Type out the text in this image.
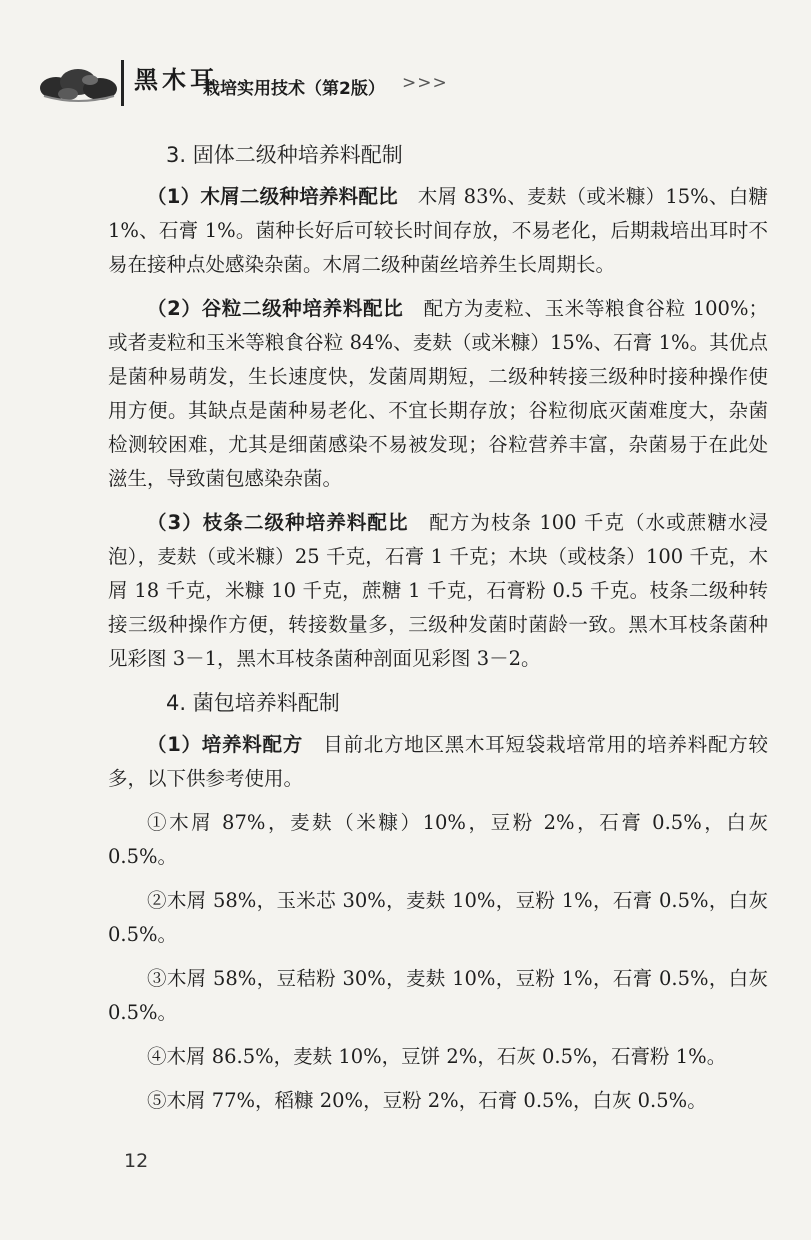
黑木耳
栽培实用技术（第2版） >>>
3. 固体二级种培养料配制

（1）木屑二级种培养料配比　 木屑 83%、麦麸（或米糠）15%、白糖 1%、石膏 1%。菌种长好后可较长时间存放，不易老化，后期栽培出耳时不易在接种点处感染杂菌。木屑二级种菌丝培养生长周期长。

（2）谷粒二级种培养料配比　 配方为麦粒、玉米等粮食谷粒 100%；或者麦粒和玉米等粮食谷粒 84%、麦麸（或米糠）15%、石膏 1%。其优点是菌种易萌发，生长速度快，发菌周期短，二级种转接三级种时接种操作使用方便。其缺点是菌种易老化、不宜长期存放；谷粒彻底灭菌难度大，杂菌检测较困难，尤其是细菌感染不易被发现；谷粒营养丰富，杂菌易于在此处滋生，导致菌包感染杂菌。

（3）枝条二级种培养料配比　 配方为枝条 100 千克（水或蔗糖水浸泡），麦麸（或米糠）25 千克，石膏 1 千克；木块（或枝条）100 千克，木屑 18 千克，米糠 10 千克，蔗糖 1 千克，石膏粉 0.5 千克。枝条二级种转接三级种操作方便，转接数量多，三级种发菌时菌龄一致。黑木耳枝条菌种见彩图 3－1，黑木耳枝条菌种剖面见彩图 3－2。

4. 菌包培养料配制

（1）培养料配方　 目前北方地区黑木耳短袋栽培常用的培养料配方较多，以下供参考使用。

①木屑 87%，麦麸（米糠）10%，豆粉 2%，石膏 0.5%，白灰 0.5%。

②木屑 58%，玉米芯 30%，麦麸 10%，豆粉 1%，石膏 0.5%，白灰 0.5%。

③木屑 58%，豆秸粉 30%，麦麸 10%，豆粉 1%，石膏 0.5%，白灰 0.5%。

④木屑 86.5%，麦麸 10%，豆饼 2%，石灰 0.5%，石膏粉 1%。

⑤木屑 77%，稻糠 20%，豆粉 2%，石膏 0.5%，白灰 0.5%。

12
